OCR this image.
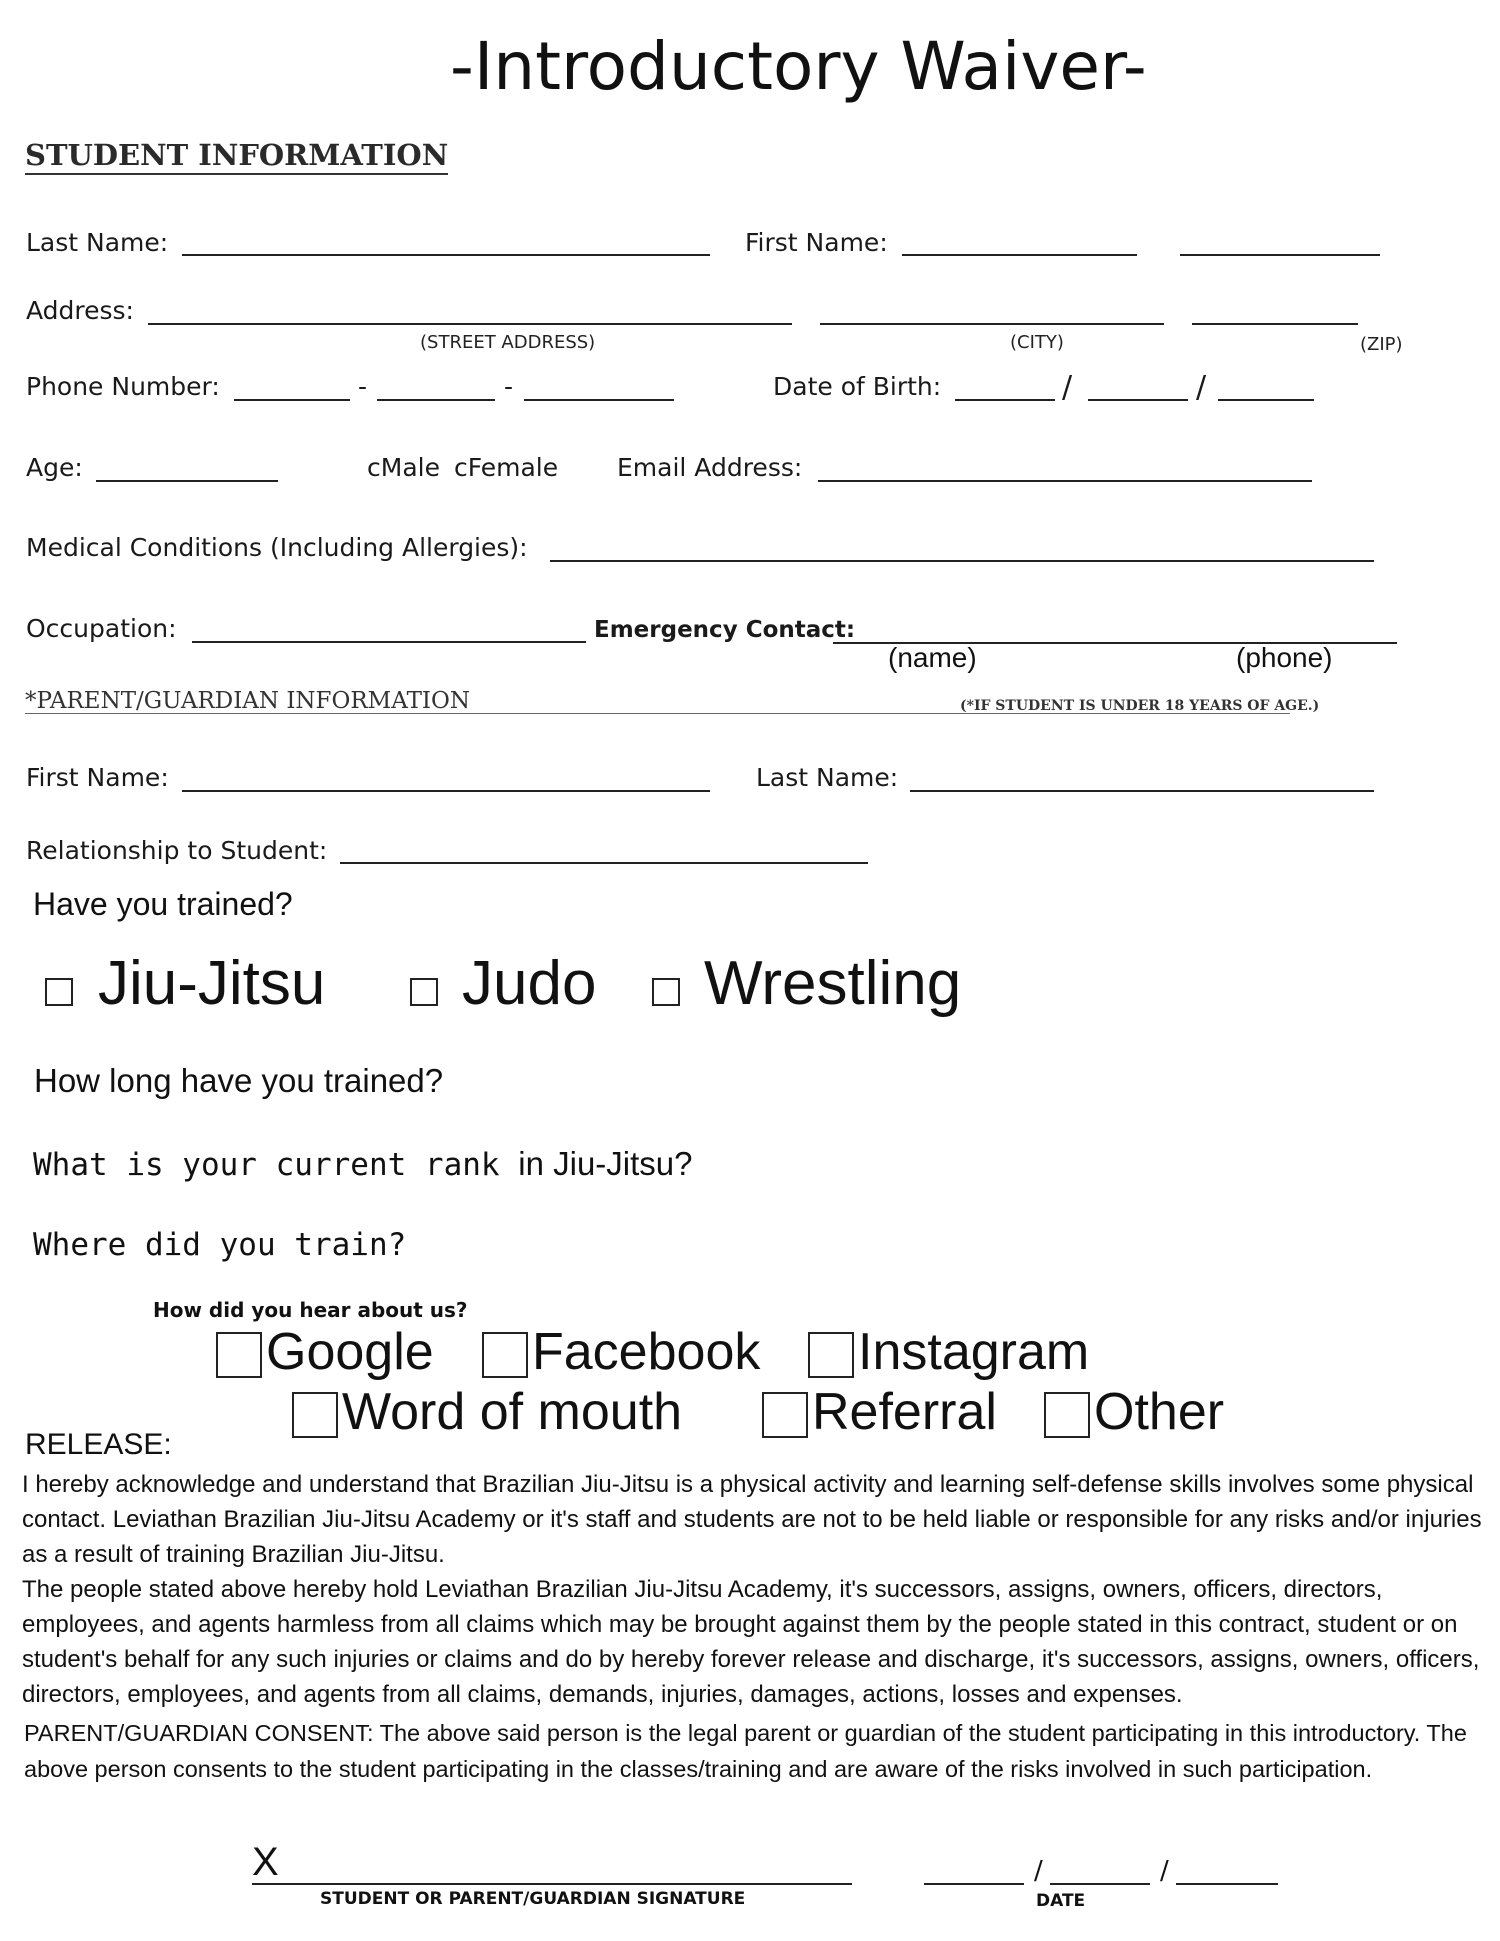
-Introductory Waiver-
STUDENT INFORMATION
Last Name:	First Name:
Address:
(STREET ADDRESS)	(CITY)	(ZIP)
Phone Number:	-	-	Date of Birth:	/	/
Age:	cMale cFemale Email Address:
Medical Conditions (Including Allergies):
Occupation:	Emergency Contact:
(name)	(phone)
*PARENT/GUARDIAN INFORMATION	(*IF STUDENT IS UNDER 18 YEARS OF AGE.)
First Name:	Last Name:
Relationship to Student:
Have you trained?
Jiu-Jitsu Judo Wrestling
How long have you trained?
What is your current rank in Jiu-Jitsu?
Where did you train?
How did you hear about us?
Google Facebook Instagram
Word of mouth Referral Other
RELEASE:
I hereby acknowledge and understand that Brazilian Jiu-Jitsu is a physical activity and learning self-defense skills involves some physical contact. Leviathan Brazilian Jiu-Jitsu Academy or it's staff and students are not to be held liable or responsible for any risks and/or injuries as a result of training Brazilian Jiu-Jitsu.
The people stated above hereby hold Leviathan Brazilian Jiu-Jitsu Academy, it's successors, assigns, owners, officers, directors, employees, and agents harmless from all claims which may be brought against them by the people stated in this contract, student or on student's behalf for any such injuries or claims and do by hereby forever release and discharge, it's successors, assigns, owners, officers, directors, employees, and agents from all claims, demands, injuries, damages, actions, losses and expenses.
PARENT/GUARDIAN CONSENT: The above said person is the legal parent or guardian of the student participating in this introductory. The above person consents to the student participating in the classes/training and are aware of the risks involved in such participation.
X
STUDENT OR PARENT/GUARDIAN SIGNATURE
/	/
DATE
